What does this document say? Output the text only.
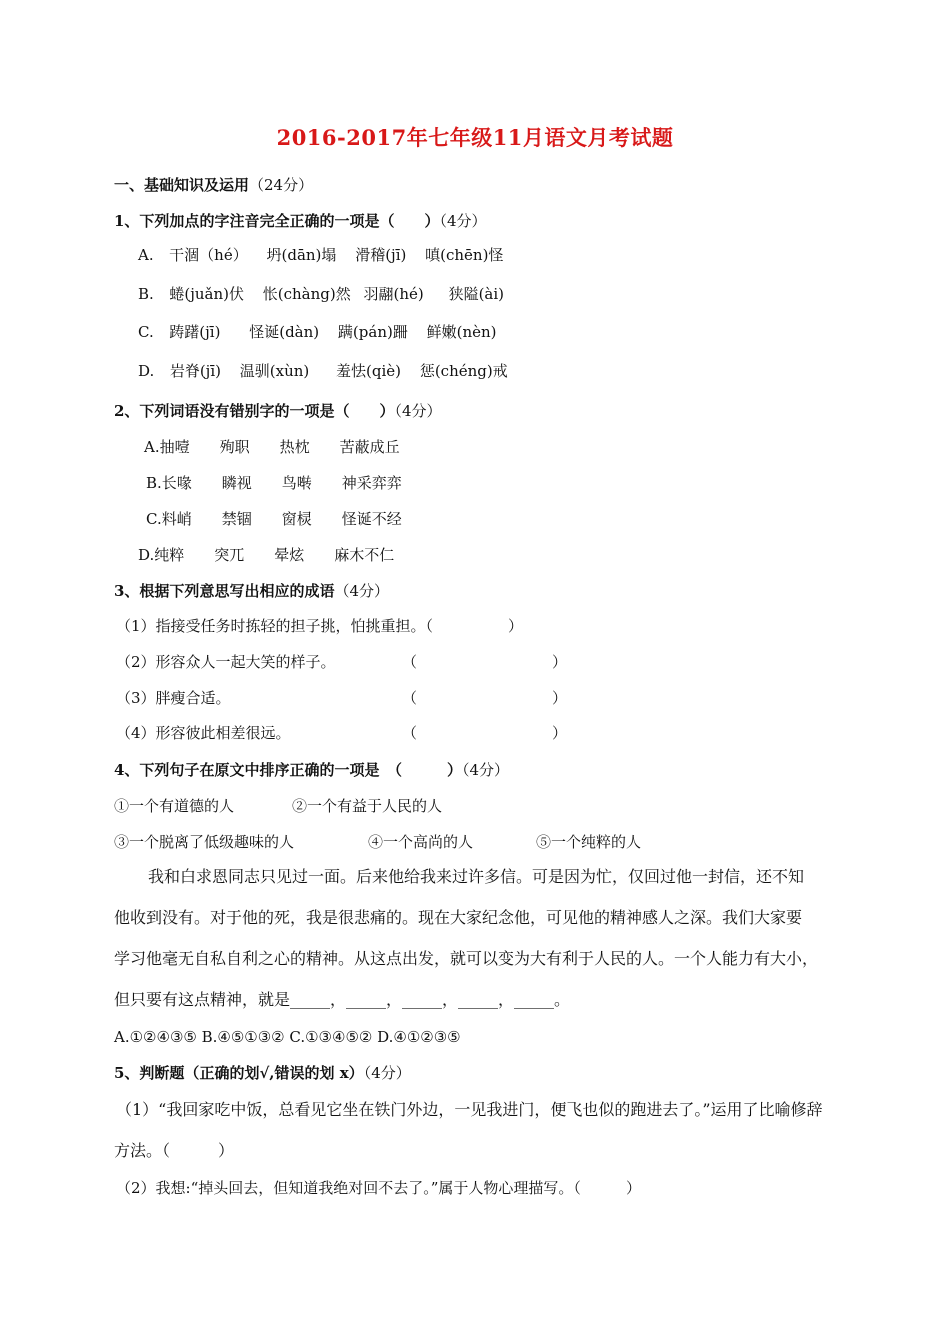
2016-2017年七年级11月语文月考试题
一、基础知识及运用（24分）
1、下列加点的字注音完全正确的一项是（　　）（4分）
A. 干涸（hé） 坍(dān)塌 滑稽(jī) 嗔(chēn)怪
B. 蜷(juǎn)伏 怅(chàng)然 羽翮(hé) 狭隘(ài)
C. 踌躇(jī) 怪诞(dàn) 蹒(pán)跚 鲜嫩(nèn)
D. 岩脊(jī) 温驯(xùn) 羞怯(qiè) 惩(chéng)戒
2、下列词语没有错别字的一项是（　　）（4分）
A.抽噎　　殉职　　热枕　　苦蔽成丘
B.长喙　　瞵视　　鸟啭　　神采弈弈
C.料峭　　禁锢　　窗棂　　怪诞不经
D.纯粹　　突兀　　晕炫　　麻木不仁
3、根据下列意思写出相应的成语（4分）
（1）指接受任务时拣轻的担子挑，怕挑重担。（　　　　　）
（2）形容众人一起大笑的样子。	（　　　　　　　　　）
（3）胖瘦合适。	（　　　　　　　　　）
（4）形容彼此相差很远。	（　　　　　　　　　）
4、下列句子在原文中排序正确的一项是　（　　　）（4分）
①一个有道德的人	②一个有益于人民的人
③一个脱离了低级趣味的人	④一个高尚的人	⑤一个纯粹的人
我和白求恩同志只见过一面。后来他给我来过许多信。可是因为忙，仅回过他一封信，还不知
他收到没有。对于他的死，我是很悲痛的。现在大家纪念他，可见他的精神感人之深。我们大家要
学习他毫无自私自利之心的精神。从这点出发，就可以变为大有利于人民的人。一个人能力有大小，
但只要有这点精神，就是_____，_____，_____，_____，_____。
A.①②④③⑤ B.④⑤①③② C.①③④⑤② D.④①②③⑤
5、判断题（正确的划√,错误的划 x）（4分）
（1）“我回家吃中饭，总看见它坐在铁门外边，一见我进门，便飞也似的跑进去了。”运用了比喻修辞
方法。（　　　）
（2）我想:“掉头回去，但知道我绝对回不去了。”属于人物心理描写。（　　　）
